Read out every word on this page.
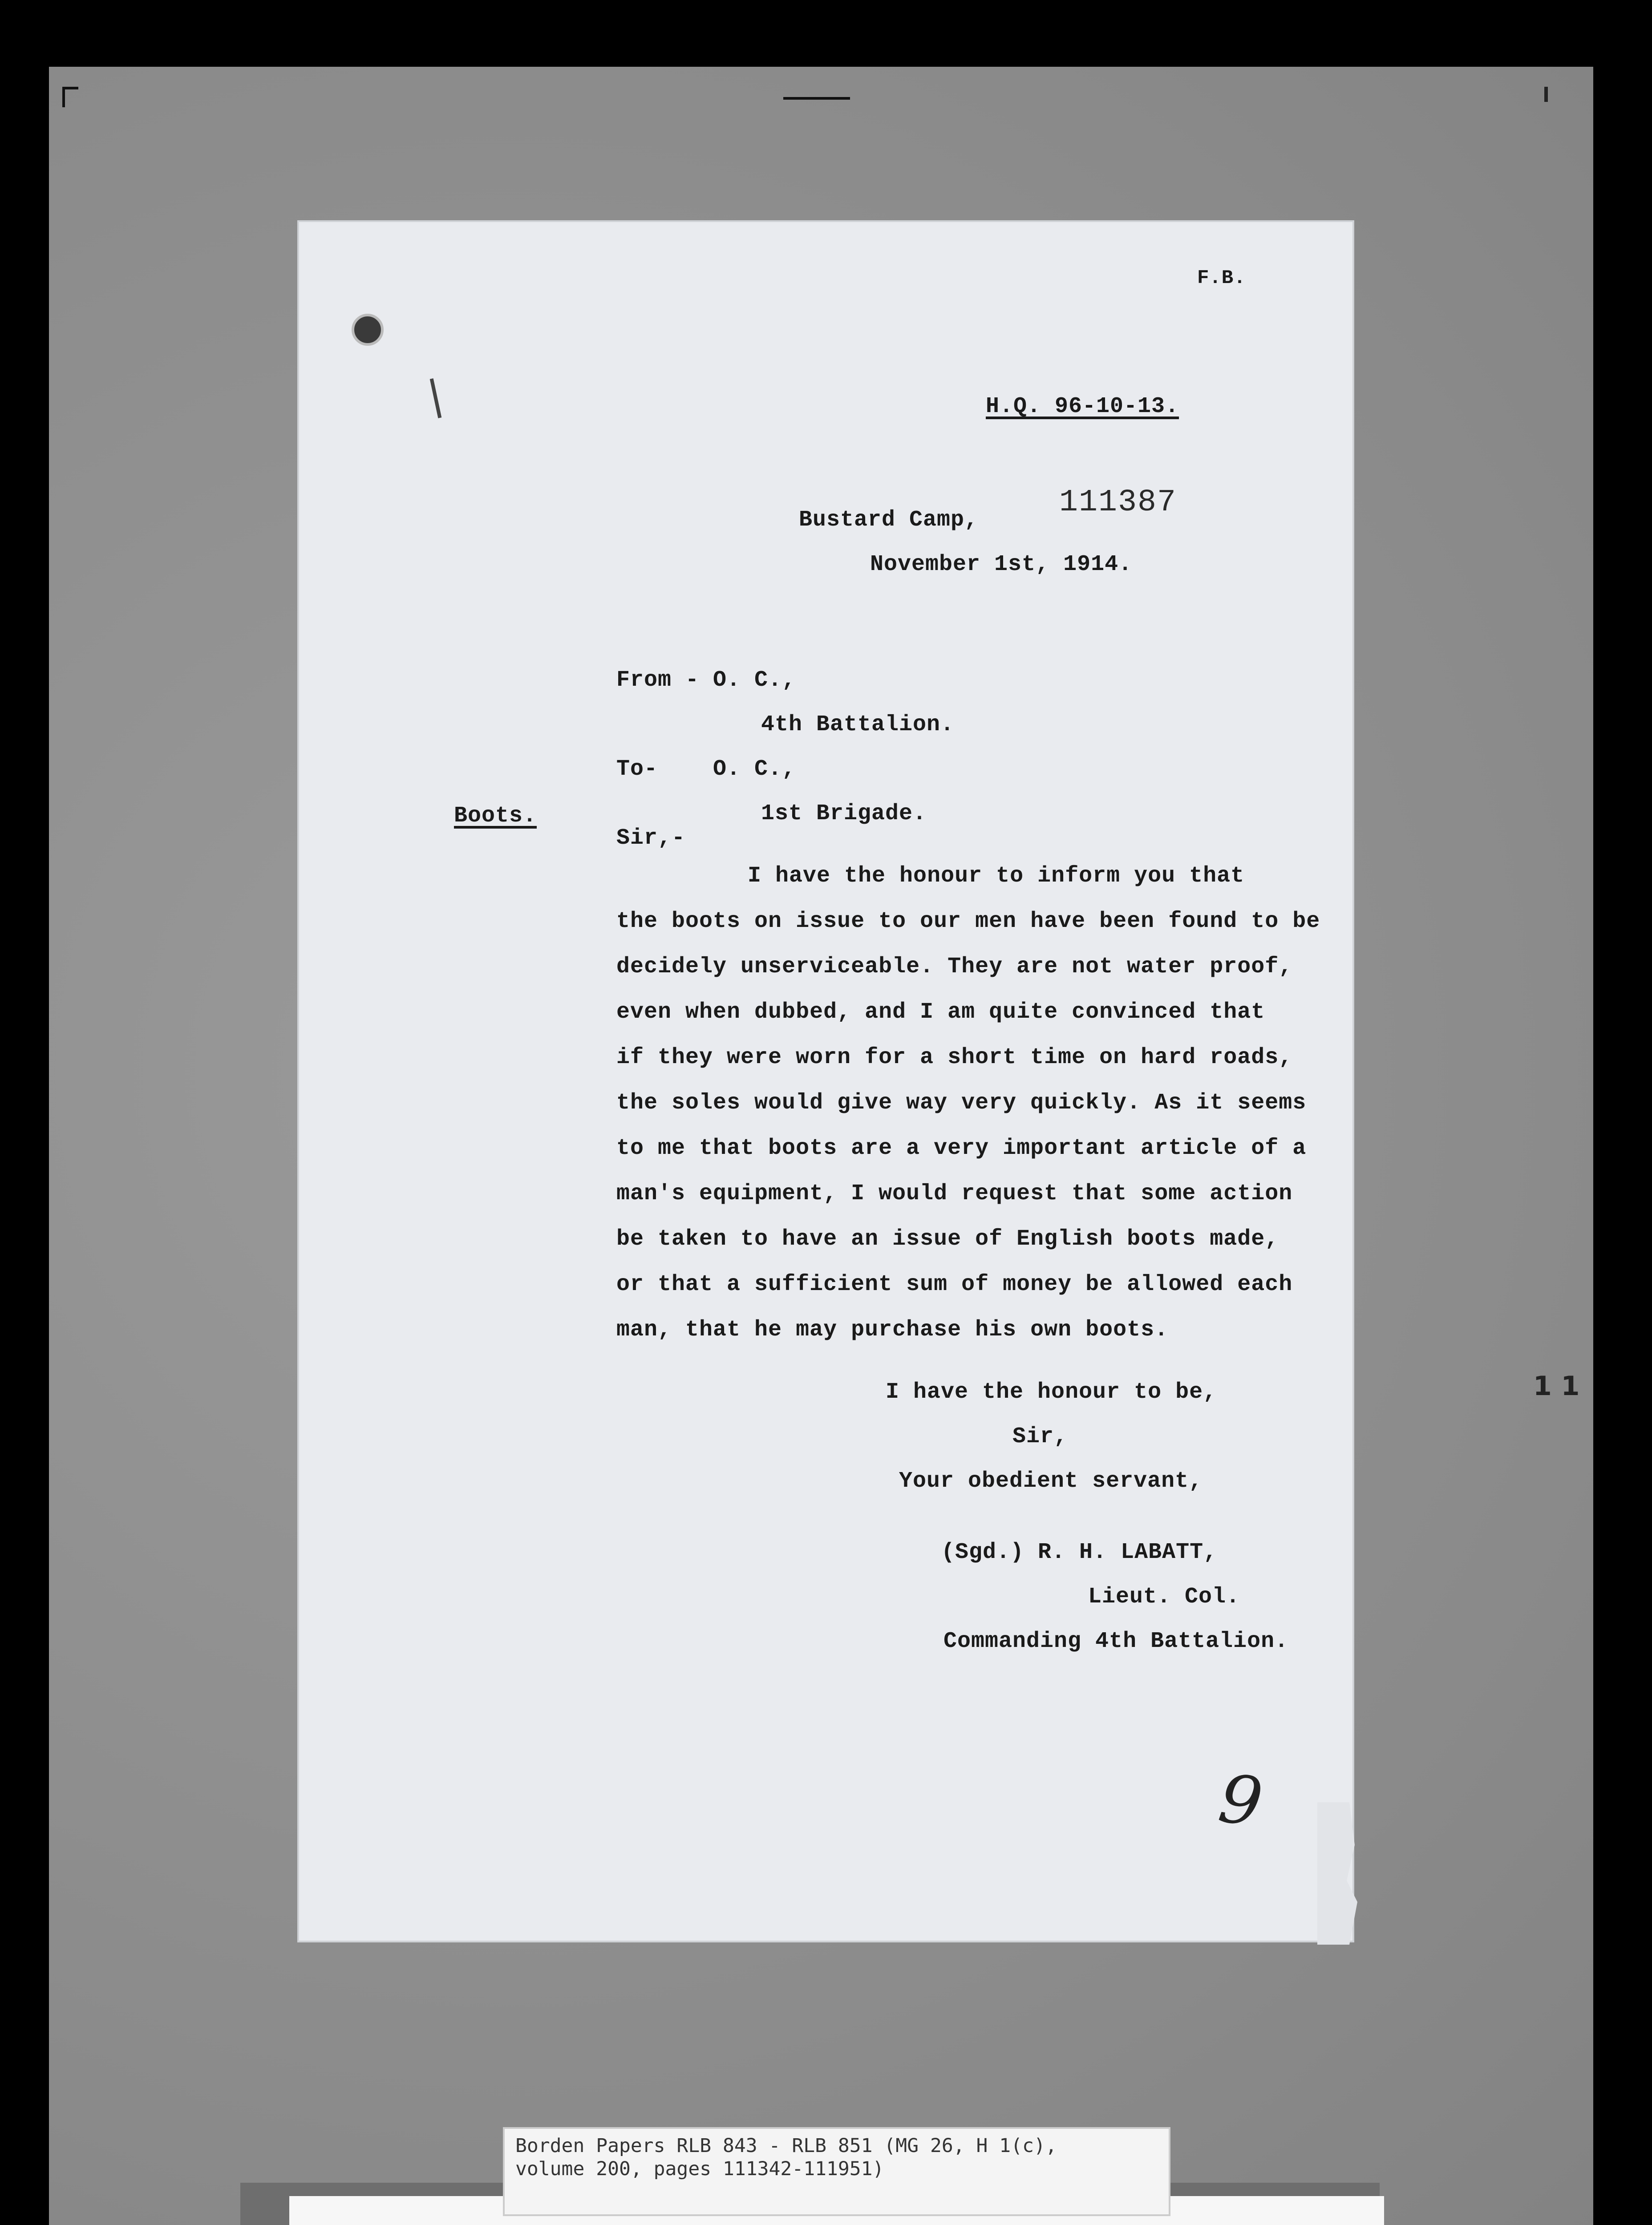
F.B.
H.Q. 96-10-13.
111387
Bustard Camp,
November 1st, 1914.
From - O. C.,
4th Battalion.
To-    O. C.,
1st Brigade.
Boots.
Sir,-
I have the honour to inform you that
the boots on issue to our men have been found to be
decidely unserviceable. They are not water proof,
even when dubbed, and I am quite convinced that
if they were worn for a short time on hard roads,
the soles would give way very quickly. As it seems
to me that boots are a very important article of a
man's equipment, I would request that some action
be taken to have an issue of English boots made,
or that a sufficient sum of money be allowed each
man, that he may purchase his own boots.
I have the honour to be,
Sir,
Your obedient servant,
(Sgd.) R. H. LABATT,
Lieut. Col.
Commanding 4th Battalion.
9
1 1
Borden Papers RLB 843 - RLB 851 (MG 26, H 1(c),
volume 200, pages 111342-111951)
